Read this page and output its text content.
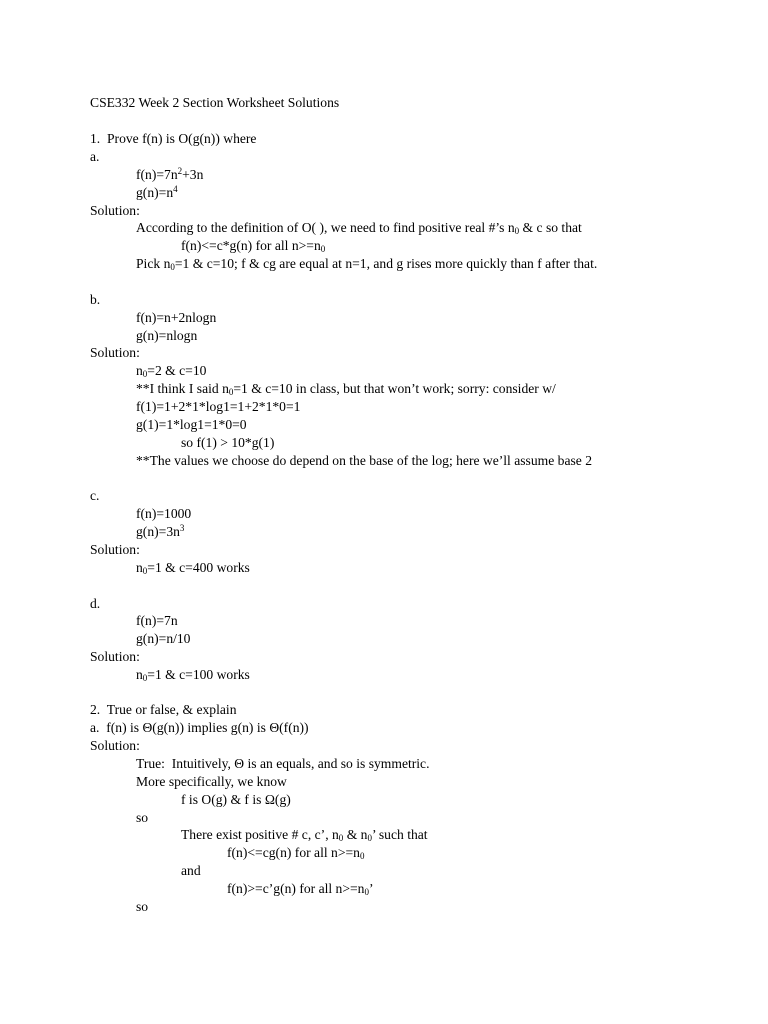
CSE332 Week 2 Section Worksheet Solutions
1.  Prove f(n) is O(g(n)) where
a.
$f(n)=7n^2+3n$
$g(n)=n^4$
Solution:
According to the definition of O( ), we need to find positive real #’s $n_0$ & c so that
f(n)<=c*g(n) for all $n>=n_0$
Pick $n_0=1$ & c=10; f & cg are equal at n=1, and g rises more quickly than f after that.
b.
f(n)=n+2nlogn
g(n)=nlogn
Solution:
$n_0=2$ & c=10
**I think I said $n_0=1$ & c=10 in class, but that won’t work; sorry: consider w/
f(1)=1+2*1*log1=1+2*1*0=1
g(1)=1*log1=1*0=0
so f(1) > 10*g(1)
**The values we choose do depend on the base of the log; here we’ll assume base 2
c.
f(n)=1000
$g(n)=3n^3$
Solution:
$n_0=1$ & c=400 works
d.
f(n)=7n
g(n)=n/10
Solution:
$n_0=1$ & c=100 works
2.  True or false, & explain
a.  f(n) is Θ(g(n)) implies g(n) is Θ(f(n))
Solution:
True:  Intuitively, Θ is an equals, and so is symmetric.
More specifically, we know
f is O(g) & f is Ω(g)
so
There exist positive # c, c’, $n_0$ & $n_0$’ such that
f(n)<=cg(n) for all $n>=n_0$
and
f(n)>=c’g(n) for all $n>=n_0$’
so
